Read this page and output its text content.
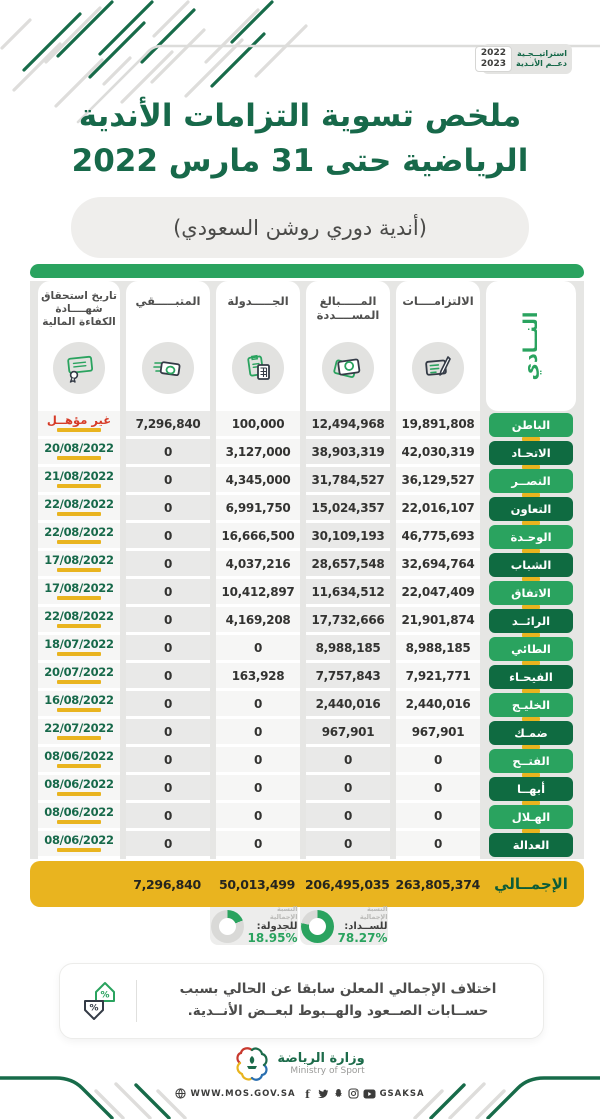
استراتيــجـية
دعــم الأنـدية
2022
2023
ملخص تسوية التزامات الأندية
الرياضية حتى 31 مارس 2022
(أندية دوري روشن السعودي)
النــادي
الباطن
الاتحـاد
النصــر
التعاون
الوحـدة
الشباب
الاتفاق
الرائــد
الطائي
الفيحـاء
الخليـج
ضمـك
الفتــح
أبهــا
الهـلال
العدالة
الالتزامــــات
19,891,808
42,030,319
36,129,527
22,016,107
46,775,693
32,694,764
22,047,409
21,901,874
8,988,185
7,921,771
2,440,016
967,901
0
0
0
0
المـــــبالغ
المســــددة
12,494,968
38,903,319
31,784,527
15,024,357
30,109,193
28,657,548
11,634,512
17,732,666
8,988,185
7,757,843
2,440,016
967,901
0
0
0
0
الجـــــدولة
100,000
3,127,000
4,345,000
6,991,750
16,666,500
4,037,216
10,412,897
4,169,208
0
163,928
0
0
0
0
0
0
المتبـــــقي
7,296,840
0
0
0
0
0
0
0
0
0
0
0
0
0
0
0
تاريخ استحقاق
شهــــادة
الكفاءة المالية
غير مؤهــل
20/08/2022
21/08/2022
22/08/2022
22/08/2022
17/08/2022
17/08/2022
22/08/2022
18/07/2022
20/07/2022
16/08/2022
22/07/2022
08/06/2022
08/06/2022
08/06/2022
08/06/2022
الإجمــالي
263,805,374
206,495,035
50,013,499
7,296,840
النسبة الإجمالية
للســداد:
78.27%
النسبة الإجمالية
للجدولة:
18.95%
اختلاف الإجمالي المعلن سابقا عن الحالي بسبب
حســابات الصــعود والهــبوط لبعــض الأنــدية.
%
%
وزارة الرياضة
Ministry of Sport
WWW.MOS.GOV.SA f	GSAKSA
